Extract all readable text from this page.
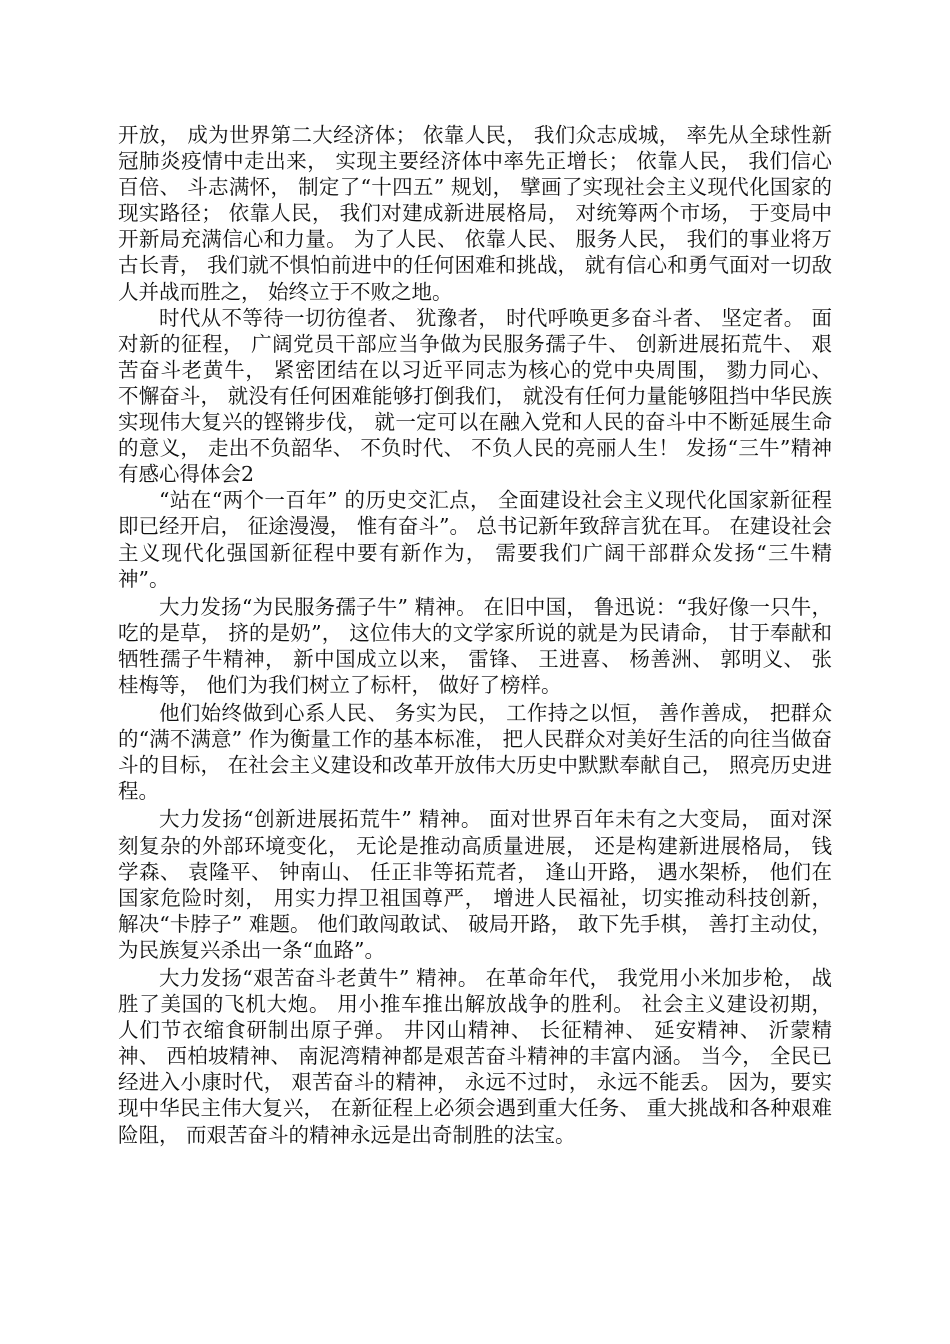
开放， 成为世界第二大经济体； 依靠人民， 我们众志成城， 率先从全球性新冠肺炎疫情中走出来， 实现主要经济体中率先正增长； 依靠人民， 我们信心百倍、 斗志满怀， 制定了“十四五” 规划， 擘画了实现社会主义现代化国家的现实路径； 依靠人民， 我们对建成新进展格局， 对统筹两个市场， 于变局中开新局充满信心和力量。 为了人民、 依靠人民、 服务人民， 我们的事业将万古长青， 我们就不惧怕前进中的任何困难和挑战， 就有信心和勇气面对一切敌人并战而胜之， 始终立于不败之地。

时代从不等待一切彷徨者、 犹豫者， 时代呼唤更多奋斗者、 坚定者。 面对新的征程， 广阔党员干部应当争做为民服务孺子牛、 创新进展拓荒牛、 艰苦奋斗老黄牛， 紧密团结在以习近平同志为核心的党中央周围， 勠力同心、 不懈奋斗， 就没有任何困难能够打倒我们， 就没有任何力量能够阻挡中华民族实现伟大复兴的铿锵步伐， 就一定可以在融入党和人民的奋斗中不断延展生命的意义， 走出不负韶华、 不负时代、 不负人民的亮丽人生！ 发扬“三牛”精神有感心得体会2

“站在“两个一百年” 的历史交汇点， 全面建设社会主义现代化国家新征程即已经开启， 征途漫漫， 惟有奋斗”。 总书记新年致辞言犹在耳。 在建设社会主义现代化强国新征程中要有新作为， 需要我们广阔干部群众发扬“三牛精神”。

大力发扬“为民服务孺子牛” 精神。 在旧中国， 鲁迅说：“我好像一只牛， 吃的是草， 挤的是奶”， 这位伟大的文学家所说的就是为民请命， 甘于奉献和牺牲孺子牛精神， 新中国成立以来， 雷锋、 王进喜、 杨善洲、 郭明义、 张桂梅等， 他们为我们树立了标杆， 做好了榜样。

他们始终做到心系人民、 务实为民， 工作持之以恒， 善作善成， 把群众的“满不满意” 作为衡量工作的基本标准， 把人民群众对美好生活的向往当做奋斗的目标， 在社会主义建设和改革开放伟大历史中默默奉献自己， 照亮历史进程。

大力发扬“创新进展拓荒牛” 精神。 面对世界百年未有之大变局， 面对深刻复杂的外部环境变化， 无论是推动高质量进展， 还是构建新进展格局， 钱学森、 袁隆平、 钟南山、 任正非等拓荒者， 逢山开路， 遇水架桥， 他们在国家危险时刻， 用实力捍卫祖国尊严， 增进人民福祉，切实推动科技创新， 解决“卡脖子” 难题。 他们敢闯敢试、 破局开路， 敢下先手棋， 善打主动仗， 为民族复兴杀出一条“血路”。

大力发扬“艰苦奋斗老黄牛” 精神。 在革命年代， 我党用小米加步枪， 战胜了美国的飞机大炮。 用小推车推出解放战争的胜利。 社会主义建设初期， 人们节衣缩食研制出原子弹。 井冈山精神、 长征精神、 延安精神、 沂蒙精神、 西柏坡精神、 南泥湾精神都是艰苦奋斗精神的丰富内涵。 当今， 全民已经进入小康时代， 艰苦奋斗的精神， 永远不过时， 永远不能丢。 因为，要实现中华民主伟大复兴， 在新征程上必须会遇到重大任务、 重大挑战和各种艰难险阻， 而艰苦奋斗的精神永远是出奇制胜的法宝。
